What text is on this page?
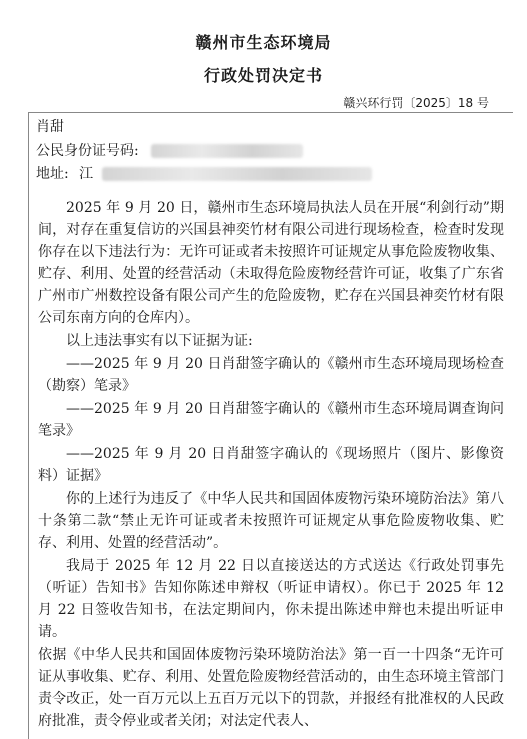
赣州市生态环境局
行政处罚决定书
赣兴环行罚〔2025〕18 号
肖甜
公民身份证号码:
地址: 江

2025 年 9 月 20 日，赣州市生态环境局执法人员在开展“利剑行动”期间，对存在重复信访的兴国县神奕竹材有限公司进行现场检查，检查时发现你存在以下违法行为：无许可证或者未按照许可证规定从事危险废物收集、贮存、利用、处置的经营活动（未取得危险废物经营许可证，收集了广东省广州市广州数控设备有限公司产生的危险废物，贮存在兴国县神奕竹材有限公司东南方向的仓库内）。

以上违法事实有以下证据为证:

——2025 年 9 月 20 日肖甜签字确认的《赣州市生态环境局现场检查（勘察）笔录》

——2025 年 9 月 20 日肖甜签字确认的《赣州市生态环境局调查询问笔录》

——2025 年 9 月 20 日肖甜签字确认的《现场照片（图片、影像资料）证据》

你的上述行为违反了《中华人民共和国固体废物污染环境防治法》第八十条第二款“禁止无许可证或者未按照许可证规定从事危险废物收集、贮存、利用、处置的经营活动”。

我局于 2025 年 12 月 22 日以直接送达的方式送达《行政处罚事先（听证）告知书》告知你陈述申辩权（听证申请权）。你已于 2025 年 12 月 22 日签收告知书，在法定期间内，你未提出陈述申辩也未提出听证申请。

依据《中华人民共和国固体废物污染环境防治法》第一百一十四条“无许可证从事收集、贮存、利用、处置危险废物经营活动的，由生态环境主管部门责令改正，处一百万元以上五百万元以下的罚款，并报经有批准权的人民政府批准，责令停业或者关闭；对法定代表人、
